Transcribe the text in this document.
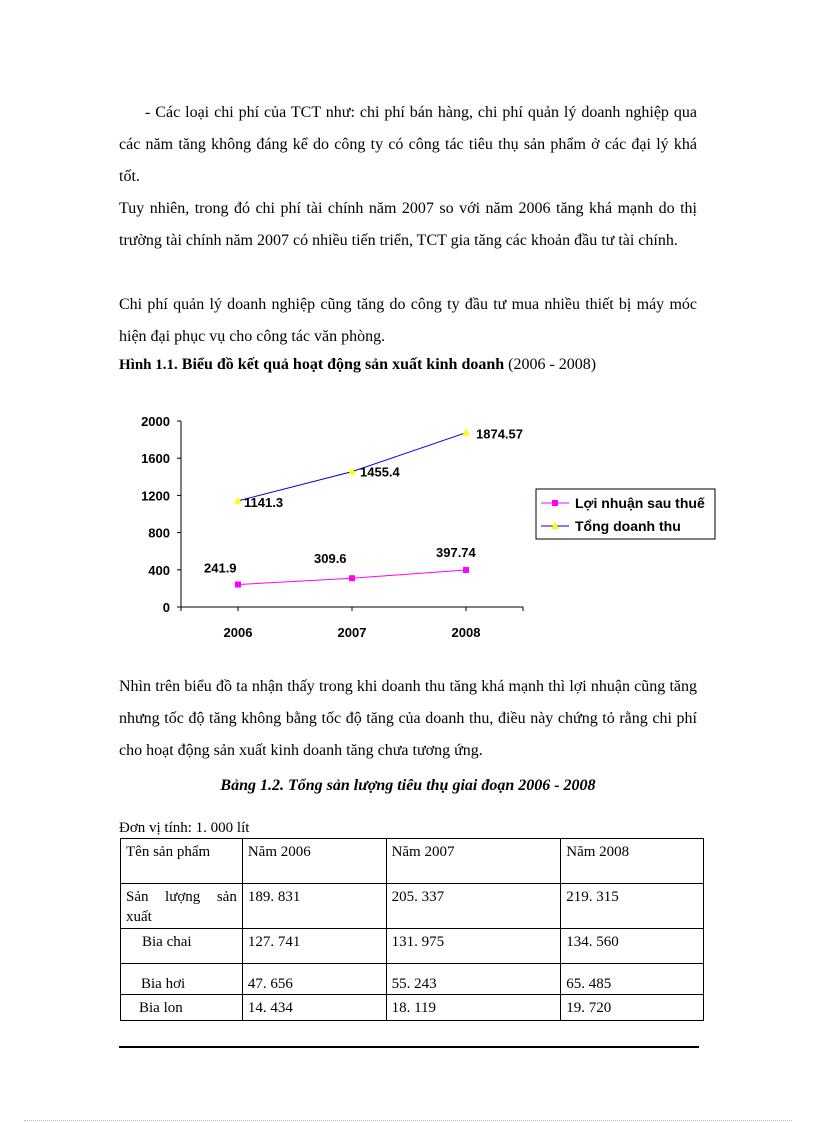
- Các loại chi phí của TCT như: chi phí bán hàng, chi phí quản lý doanh nghiệp qua các năm tăng không đáng kể do công ty có công tác tiêu thụ sản phẩm ở các đại lý khá tốt.

Tuy nhiên, trong đó chi phí tài chính năm 2007 so với năm 2006 tăng khá mạnh do thị trường tài chính năm 2007 có nhiều tiến triển, TCT gia tăng các khoản đầu tư tài chính.

Chi phí quản lý doanh nghiệp cũng tăng do công ty đầu tư mua nhiều thiết bị máy móc hiện đại phục vụ cho công tác văn phòng.

Hình 1.1. Biểu đồ kết quả hoạt động sản xuất kinh doanh (2006 - 2008)
0
400
800
1200
1600
2000
2006	2007	2008
241.9
309.6	397.74
1141.3
1455.4
1874.57
Lợi nhuận sau thuế
Tổng doanh thu

Nhìn trên biểu đồ ta nhận thấy trong khi doanh thu tăng khá mạnh thì lợi nhuận cũng tăng nhưng tốc độ tăng không bằng tốc độ tăng của doanh thu, điều này chứng tỏ rằng chi phí cho hoạt động sản xuất kinh doanh tăng chưa tương ứng.

Bảng 1.2. Tổng sản lượng tiêu thụ giai đoạn 2006 - 2008
Đơn vị tính: 1. 000 lít
Tên sản phẩm	Năm 2006	Năm 2007	Năm 2008
Sản lượng sản xuất	189. 831	205. 337	219. 315
Bia chai	127. 741	131. 975	134. 560
Bia hơi	47. 656	55. 243	65. 485
Bia lon	14. 434	18. 119	19. 720
